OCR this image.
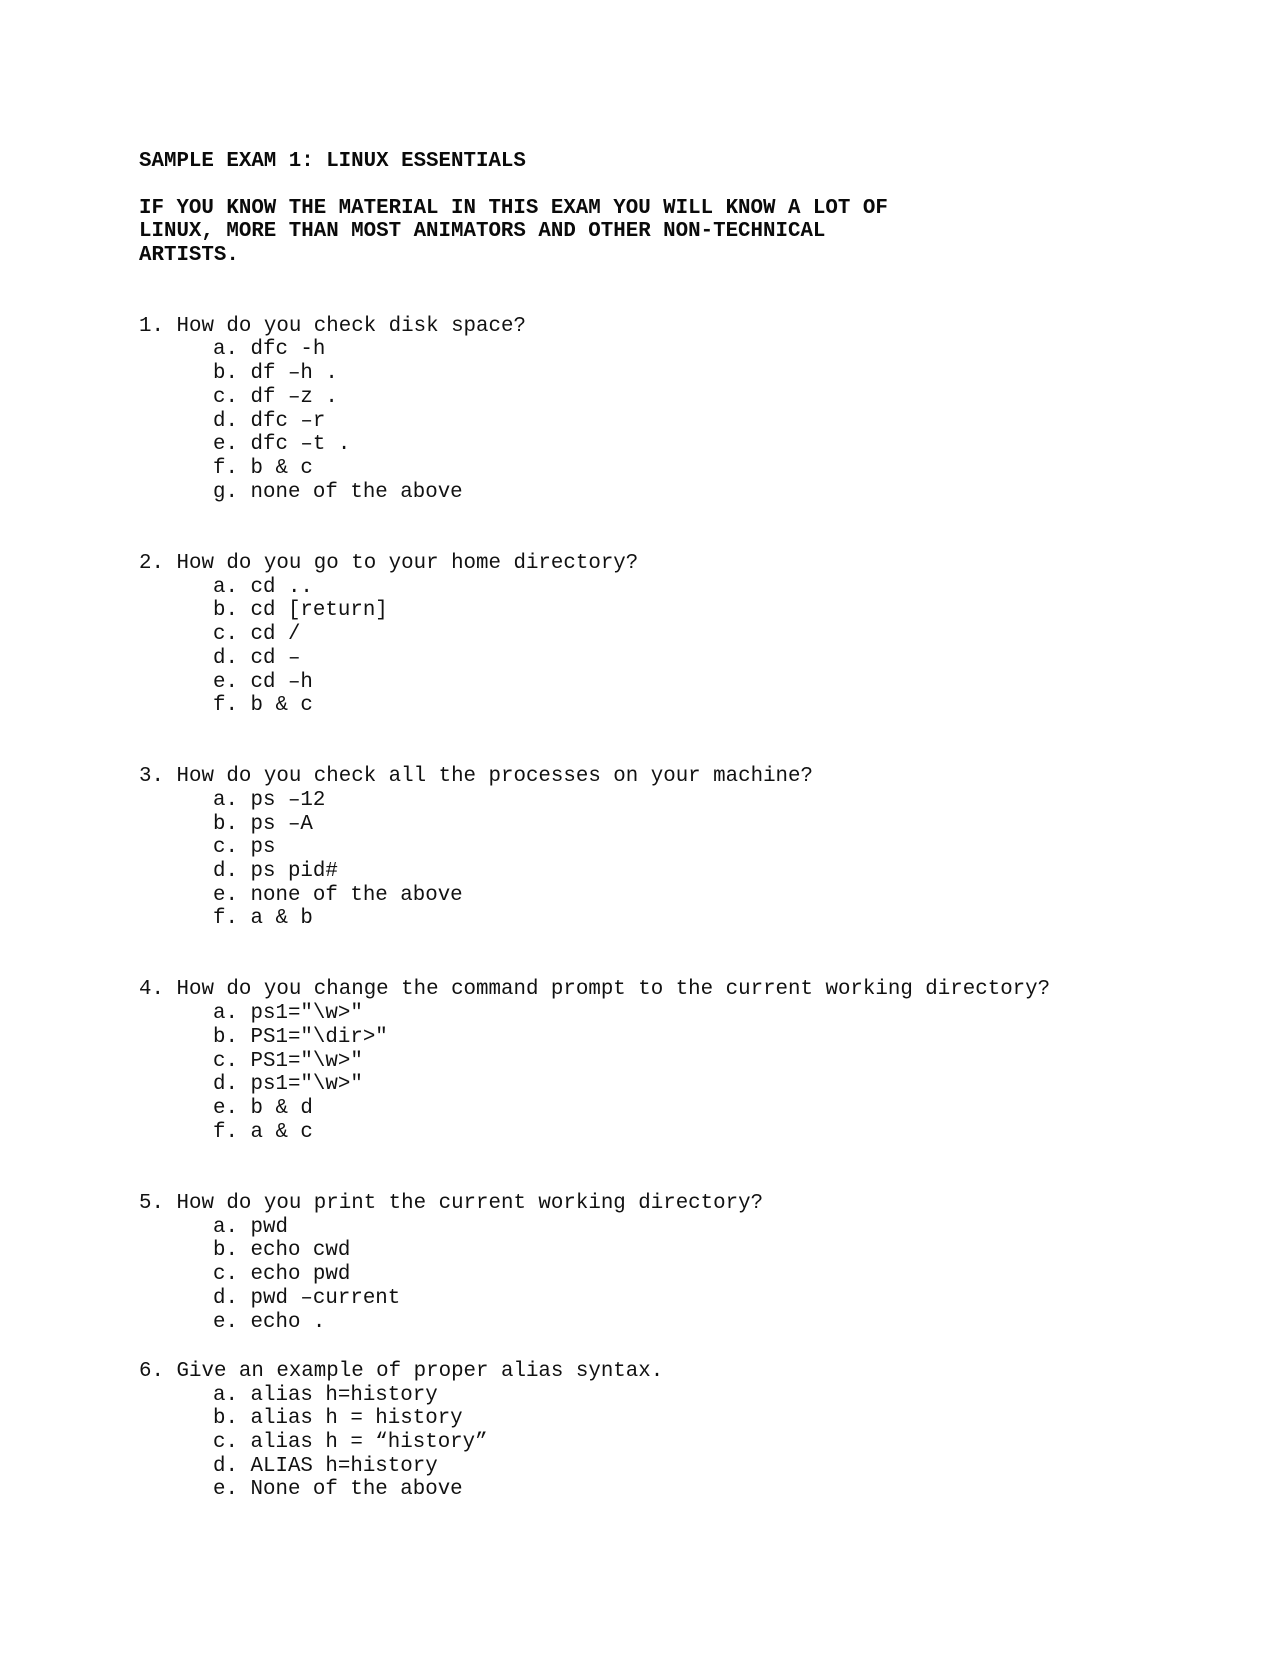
SAMPLE EXAM 1: LINUX ESSENTIALS
IF YOU KNOW THE MATERIAL IN THIS EXAM YOU WILL KNOW A LOT OF
LINUX, MORE THAN MOST ANIMATORS AND OTHER NON-TECHNICAL
ARTISTS.
1. How do you check disk space?
a. dfc -h
b. df –h .
c. df –z .
d. dfc –r
e. dfc –t .
f. b & c
g. none of the above
2. How do you go to your home directory?
a. cd ..
b. cd [return]
c. cd /
d. cd –
e. cd –h
f. b & c
3. How do you check all the processes on your machine?
a. ps –12
b. ps –A
c. ps
d. ps pid#
e. none of the above
f. a & b
4. How do you change the command prompt to the current working directory?
a. ps1=″\w>″
b. PS1=″\dir>″
c. PS1=″\w>″
d. ps1=″\w>″
e. b & d
f. a & c
5. How do you print the current working directory?
a. pwd
b. echo cwd
c. echo pwd
d. pwd –current
e. echo .
6. Give an example of proper alias syntax.
a. alias h=history
b. alias h = history
c. alias h = “history”
d. ALIAS h=history
e. None of the above
